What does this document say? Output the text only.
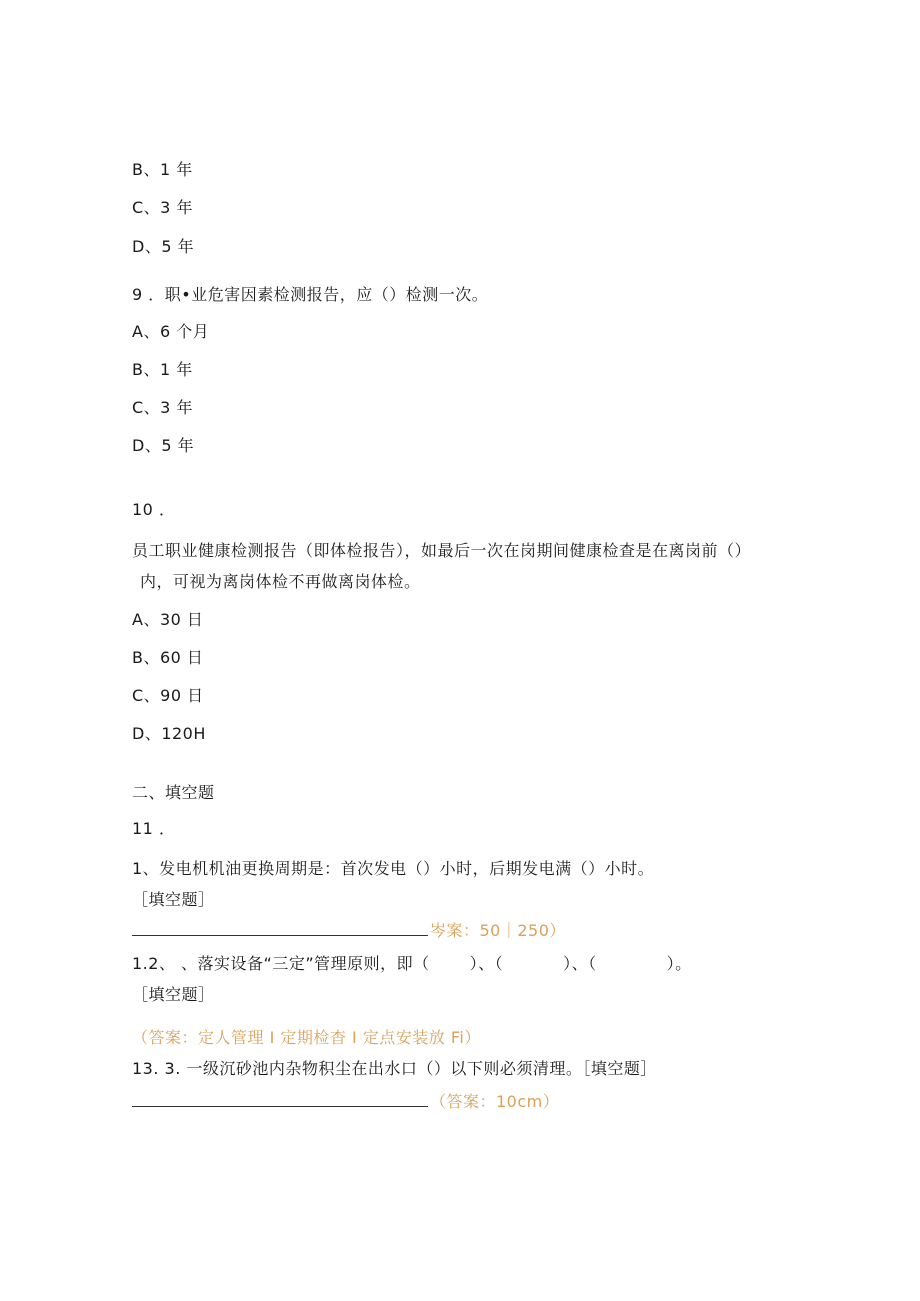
B、1 年
C、3 年
D、5 年
9 ．职•业危害因素检测报告，应（）检测一次。
A、6 个月
B、1 年
C、3 年
D、5 年
10 ．
员工职业健康检测报告（即体检报告），如最后一次在岗期间健康检查是在离岗前（）
内，可视为离岗体检不再做离岗体检。
A、30 日
B、60 日
C、90 日
D、120H
二、填空题
11 ．
1、发电机机油更换周期是：首次发电（）小时，后期发电满（）小时。
［填空题］
岑案：50｜250）
1.2、 、落实设备“三定”管理原则，即（	）、（	）、（	）。
［填空题］
（答案：定人管理 I 定期检杳 I 定点安装放 Fi）
13. 3. 一级沉砂池内杂物积尘在出水口（）以下则必须清理。［填空题］
（答案：10cm）
